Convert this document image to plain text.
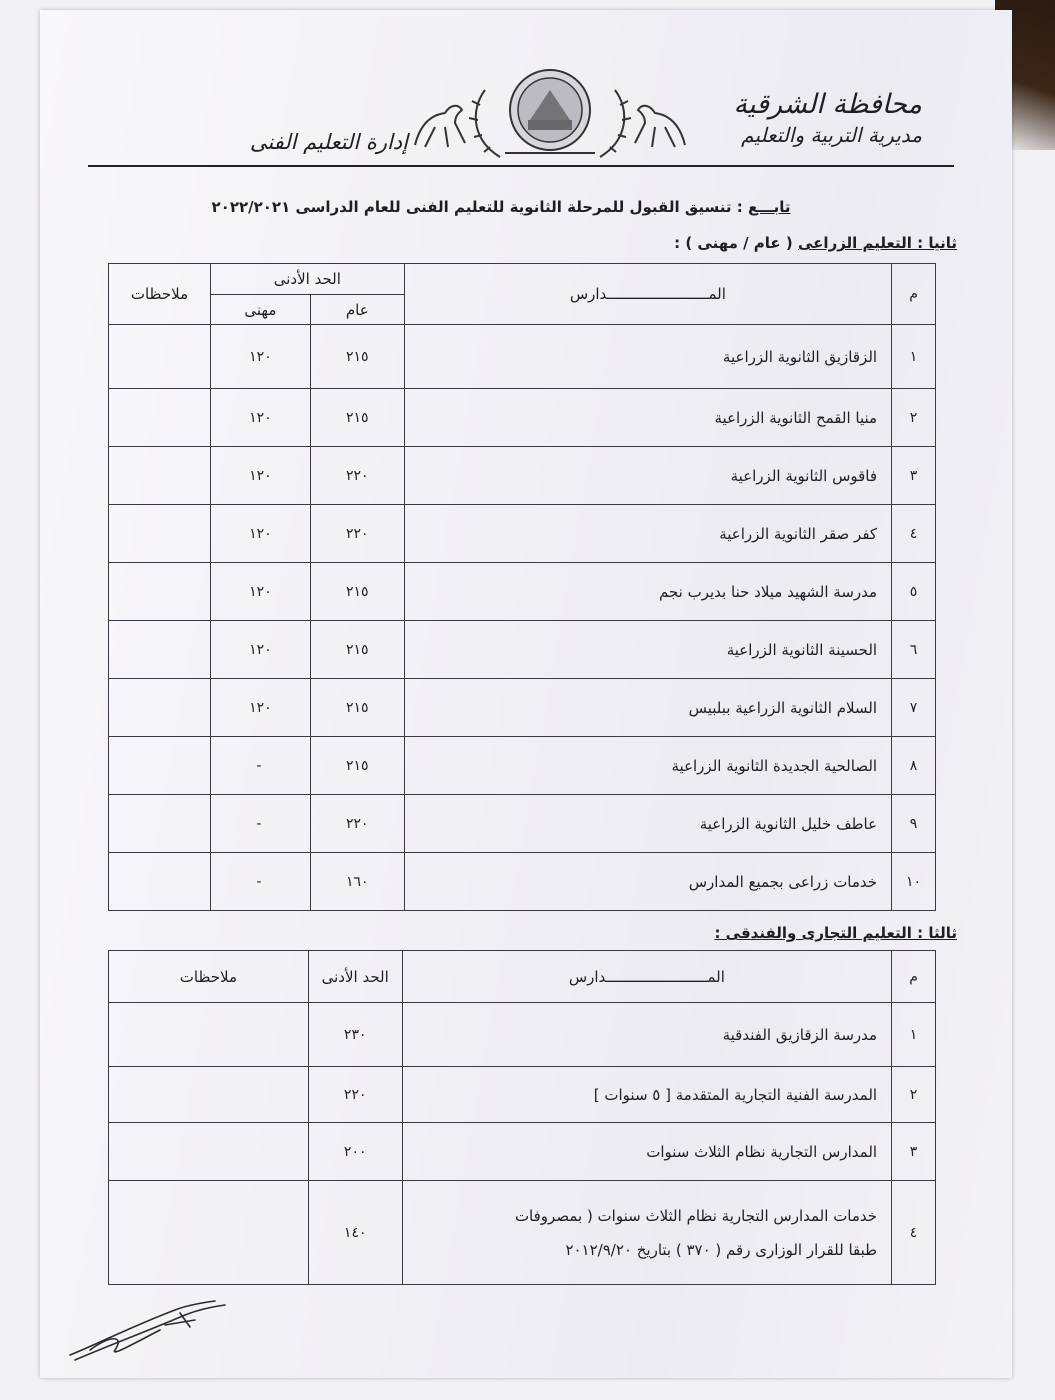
محافظة الشرقية
مديرية التربية والتعليم
إدارة التعليم الفنى
تابـــع : تنسيق القبول للمرحلة الثانوية للتعليم الفنى للعام الدراسى ٢٠٢٢/٢٠٢١
ثانيا : التعليم الزراعى ( عام / مهنى ) :
م	المـــــــــــــــــــــــدارس	الحد الأدنى		ملاحظات
		عام	مهنى	
١	الزقازيق الثانوية الزراعية	٢١٥	١٢٠	
٢	منيا القمح الثانوية الزراعية	٢١٥	١٢٠	
٣	فاقوس الثانوية الزراعية	٢٢٠	١٢٠	
٤	كفر صقر الثانوية الزراعية	٢٢٠	١٢٠	
٥	مدرسة الشهيد ميلاد حنا بديرب نجم	٢١٥	١٢٠	
٦	الحسينة الثانوية الزراعية	٢١٥	١٢٠	
٧	السلام الثانوية الزراعية ببلبيس	٢١٥	١٢٠	
٨	الصالحية الجديدة الثانوية الزراعية	٢١٥	-	
٩	عاطف خليل الثانوية الزراعية	٢٢٠	-	
١٠	خدمات زراعى بجميع المدارس	١٦٠	-	
ثالثا : التعليم التجارى والفندقى :
م	المـــــــــــــــــــــــدارس	الحد الأدنى	ملاحظات
١	مدرسة الزقازيق الفندقية	٢٣٠	
٢	المدرسة الفنية التجارية المتقدمة [ ٥ سنوات ]	٢٢٠	
٣	المدارس التجارية نظام الثلاث سنوات	٢٠٠	
٤	خدمات المدارس التجارية نظام الثلاث سنوات ( بمصروفات
طبقا للقرار الوزارى رقم ( ٣٧٠ ) بتاريخ ٢٠١٢/٩/٢٠	١٤٠	
